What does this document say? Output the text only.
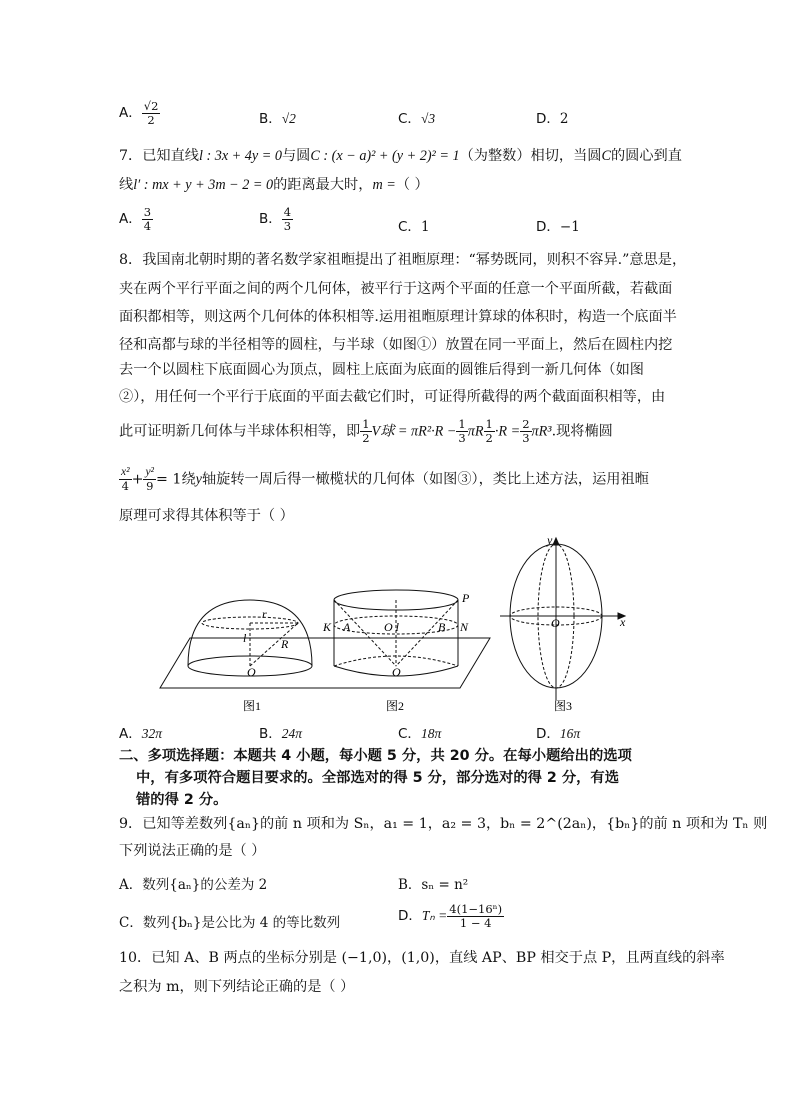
A． $\frac{√2}{2}$	B．√2	C．√3	D．2
7．已知直线l : 3x + 4y = 0与圆C : (x − a)² + (y + 2)² = 1（为整数）相切，当圆C的圆心到直
线l′ : mx + y + 3m − 2 = 0的距离最大时，m =（ ）
A． $\frac{3}{4}$	B． $\frac{4}{3}$	C．1	D．−1
8．我国南北朝时期的著名数学家祖暅提出了祖暅原理：“幂势既同，则积不容异.”意思是，
夹在两个平行平面之间的两个几何体，被平行于这两个平面的任意一个平面所截，若截面
面积都相等，则这两个几何体的体积相等.运用祖暅原理计算球的体积时，构造一个底面半
径和高都与球的半径相等的圆柱，与半球（如图①）放置在同一平面上，然后在圆柱内挖
去一个以圆柱下底面圆心为顶点，圆柱上底面为底面的圆锥后得到一新几何体（如图
②），用任何一个平行于底面的平面去截它们时，可证得所截得的两个截面面积相等，由
此可证明新几何体与半球体积相等，即 $\frac{1}{2}$ V球 = $\pi R^2\cdot R - \frac{1}{3}$ πR $\frac{1}{2} \cdot R = \frac{2}{3} \pi R^3$.现将椭圆
$\frac{\text{x²}}{4} + \frac{\text{y²}}{9} = 1$绕y轴旋转一周后得一橄榄状的几何体（如图③），类比上述方法，运用祖暅
原理可求得其体积等于（ ）
r
l	R
O
P
K A	O l	B N
O
y
x
O
图1	图2	图3
A．32π	B．24π	C．18π	D．16π
二、多项选择题：本题共 4 小题，每小题 5 分，共 20 分。在每小题给出的选项
中，有多项符合题目要求的。全部选对的得 5 分，部分选对的得 2 分，有选
错的得 2 分。
9．已知等差数列{aₙ}的前 n 项和为 Sₙ，a₁ = 1，a₂ = 3，bₙ = 2^(2aₙ)，{bₙ}的前 n 项和为 Tₙ 则
下列说法正确的是（ ）
A．数列{aₙ}的公差为 2	B．sₙ = n²
C．数列{bₙ}是公比为 4 的等比数列	D．$T_n = \frac{\text{4(1−16ⁿ)}}{1 - 4}$
10．已知 A、B 两点的坐标分别是 (−1,0)，(1,0)，直线 AP、BP 相交于点 P，且两直线的斜率
之积为 m，则下列结论正确的是（ ）
